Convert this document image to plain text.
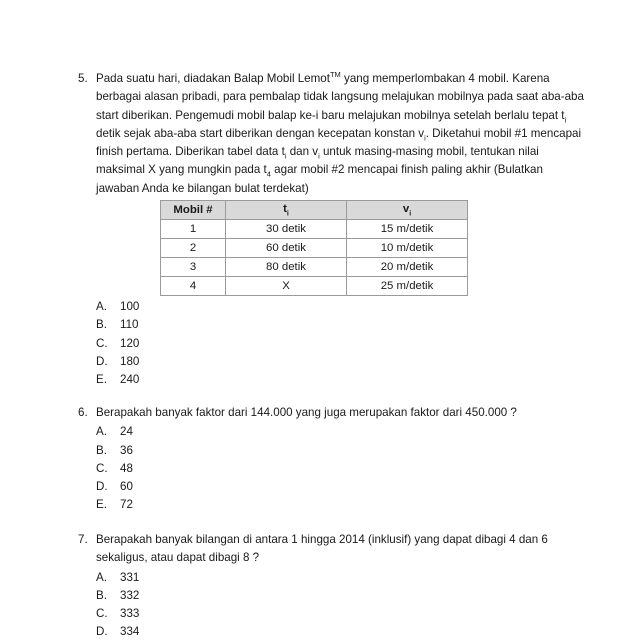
5. Pada suatu hari, diadakan Balap Mobil Lemot™ yang memperlombakan 4 mobil. Karena berbagai alasan pribadi, para pembalap tidak langsung melajukan mobilnya pada saat aba-aba start diberikan. Pengemudi mobil balap ke-i baru melajukan mobilnya setelah berlalu tepat $t_i$ detik sejak aba-aba start diberikan dengan kecepatan konstan $v_i$. Diketahui mobil #1 mencapai finish pertama. Diberikan tabel data $t_i$ dan $v_i$ untuk masing-masing mobil, tentukan nilai maksimal X yang mungkin pada $t_4$ agar mobil #2 mencapai finish paling akhir (Bulatkan jawaban Anda ke bilangan bulat terdekat)
Mobil #	$t_i$	$v_i$
1	30 detik	15 m/detik
2	60 detik	10 m/detik
3	80 detik	20 m/detik
4	X	25 m/detik
A.	100
B.	110
C.	120
D.	180
E.	240
6. Berapakah banyak faktor dari 144.000 yang juga merupakan faktor dari 450.000 ?
A.	24
B.	36
C.	48
D.	60
E.	72
7. Berapakah banyak bilangan di antara 1 hingga 2014 (inklusif) yang dapat dibagi 4 dan 6 sekaligus, atau dapat dibagi 8 ?
A.	331
B.	332
C.	333
D.	334
